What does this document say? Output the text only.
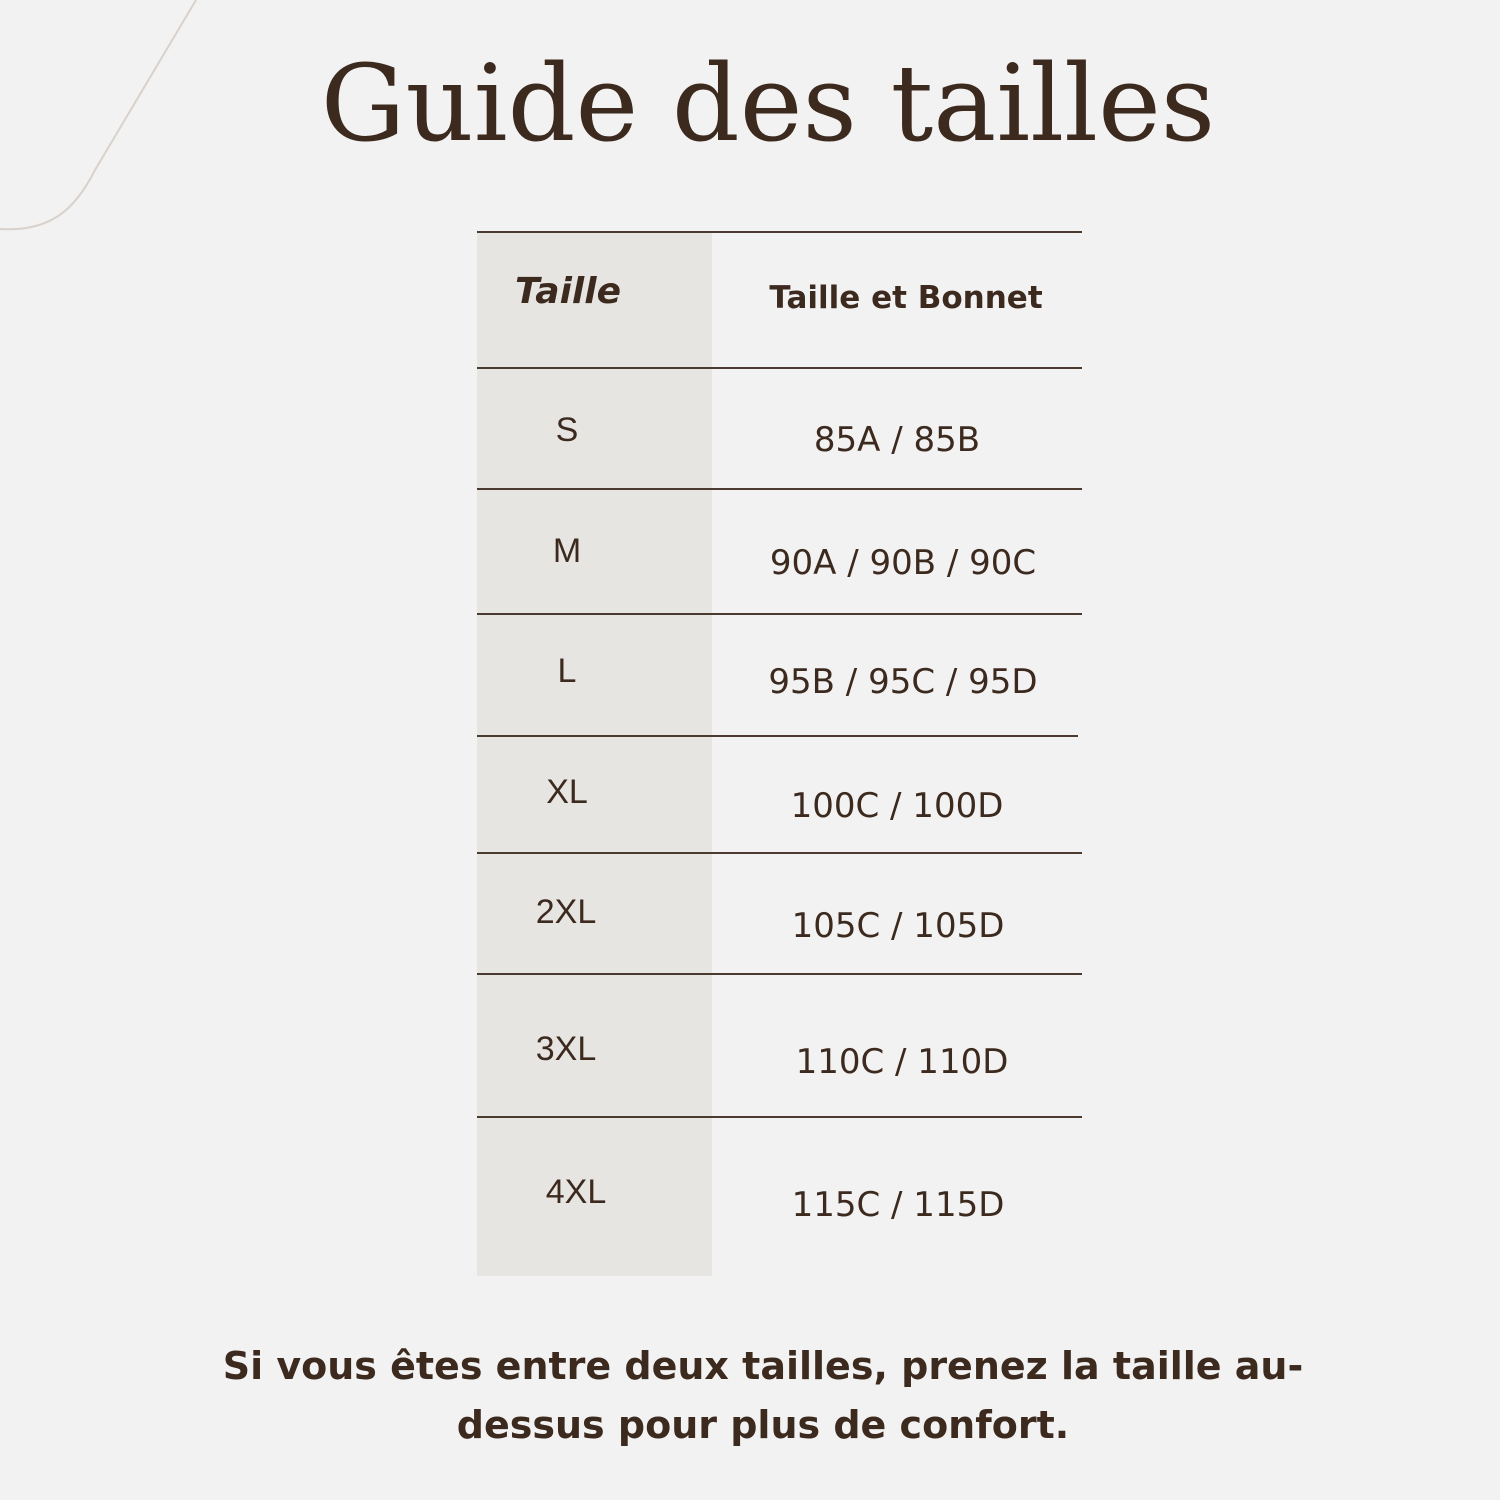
Guide des tailles
Taille	Taille et Bonnet
S	85A / 85B
M	90A / 90B / 90C
L	95B / 95C / 95D
XL	100C / 100D
2XL	105C / 105D
3XL	110C / 110D
4XL	115C / 115D

Si vous êtes entre deux tailles, prenez la taille au-dessus pour plus de confort.
